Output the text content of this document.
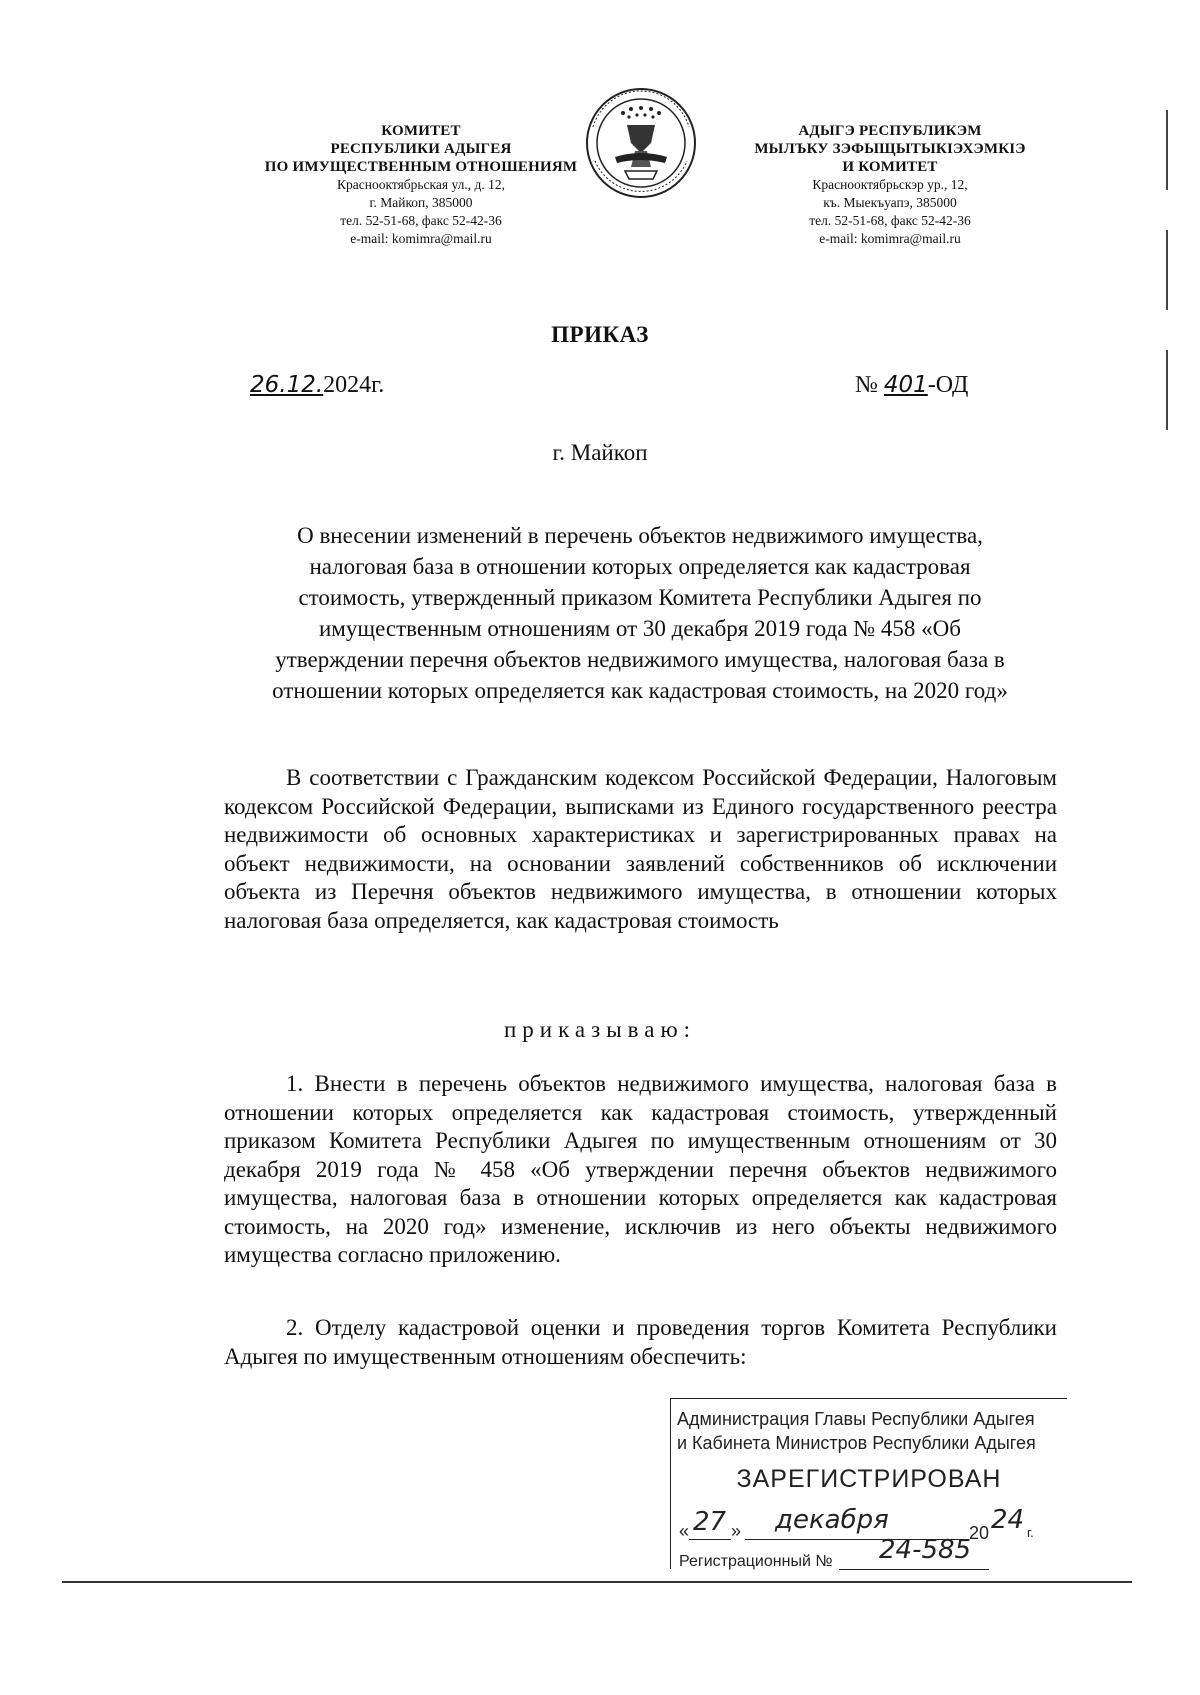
КОМИТЕТ
РЕСПУБЛИКИ АДЫГЕЯ
ПО ИМУЩЕСТВЕННЫМ ОТНОШЕНИЯМ
Краснооктябрьская ул., д. 12,
г. Майкоп, 385000
тел. 52-51-68, факс 52-42-36
e-mail: komimra@mail.ru
АДЫГЭ РЕСПУБЛИКЭМ
МЫЛЪКУ ЗЭФЫЩЫТЫКIЭХЭМКIЭ
И КОМИТЕТ
Краснооктябрьскэр ур., 12,
къ. Мыекъуапэ, 385000
тел. 52-51-68, факс 52-42-36
e-mail: komimra@mail.ru
ПРИКАЗ
26.12.2024г.	№ 401-ОД
г. Майкоп
О внесении изменений в перечень объектов недвижимого имущества,
налоговая база в отношении которых определяется как кадастровая
стоимость, утвержденный приказом Комитета Республики Адыгея по
имущественным отношениям от 30 декабря 2019 года № 458 «Об
утверждении перечня объектов недвижимого имущества, налоговая база в
отношении которых определяется как кадастровая стоимость, на 2020 год»
В соответствии с Гражданским кодексом Российской Федерации, Налоговым кодексом Российской Федерации, выписками из Единого государственного реестра недвижимости об основных характеристиках и зарегистрированных правах на объект недвижимости, на основании заявлений собственников об исключении объекта из Перечня объектов недвижимого имущества, в отношении которых налоговая база определяется, как кадастровая стоимость
приказываю:
1. Внести в перечень объектов недвижимого имущества, налоговая база в отношении которых определяется как кадастровая стоимость, утвержденный приказом Комитета Республики Адыгея по имущественным отношениям от 30 декабря 2019 года № 458 «Об утверждении перечня объектов недвижимого имущества, налоговая база в отношении которых определяется как кадастровая стоимость, на 2020 год» изменение, исключив из него объекты недвижимого имущества согласно приложению.
2. Отделу кадастровой оценки и проведения торгов Комитета Республики Адыгея по имущественным отношениям обеспечить:
Администрация Главы Республики Адыгея
и Кабинета Министров Республики Адыгея
ЗАРЕГИСТРИРОВАН
« 27 » декабря	20 24 г.
Регистрационный № 24-585
